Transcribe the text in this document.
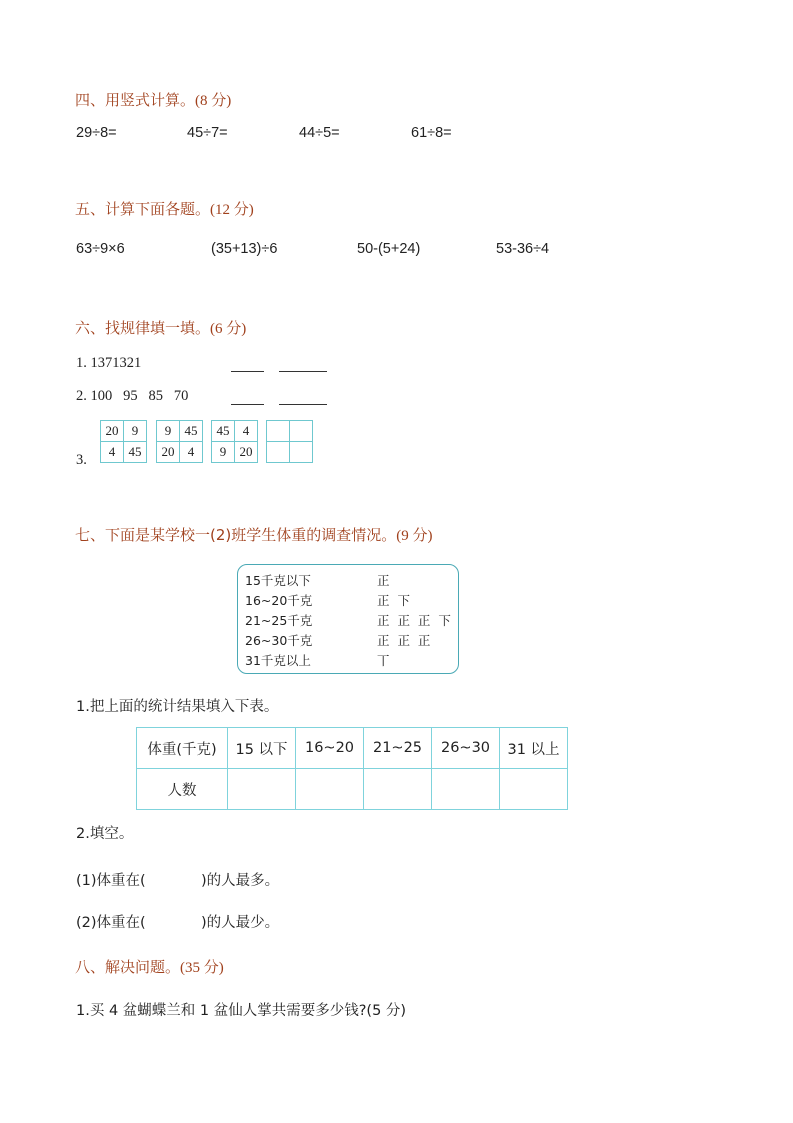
四、用竖式计算。(8 分)
29÷8=	45÷7=	44÷5=	61÷8=
五、计算下面各题。(12 分)
63÷9×6	(35+13)÷6	50-(5+24)	53-36÷4
六、找规律填一填。(6 分)
1. 1371321
2. 100   95   85   70
3.
20	9
4	45
9	45
20	4
45	4
9	20

七、下面是某学校一(2)班学生体重的调查情况。(9 分)
15千克以下	正
16~20千克	正  下
21~25千克	正  正  正  下
26~30千克	正  正  正
31千克以上	丅
1.把上面的统计结果填入下表。
体重(千克)	15 以下	16~20	21~25	26~30	31 以上
人数					
2.填空。
(1)体重在(            )的人最多。
(2)体重在(            )的人最少。
八、解决问题。(35 分)
1.买 4 盆蝴蝶兰和 1 盆仙人掌共需要多少钱?(5 分)
